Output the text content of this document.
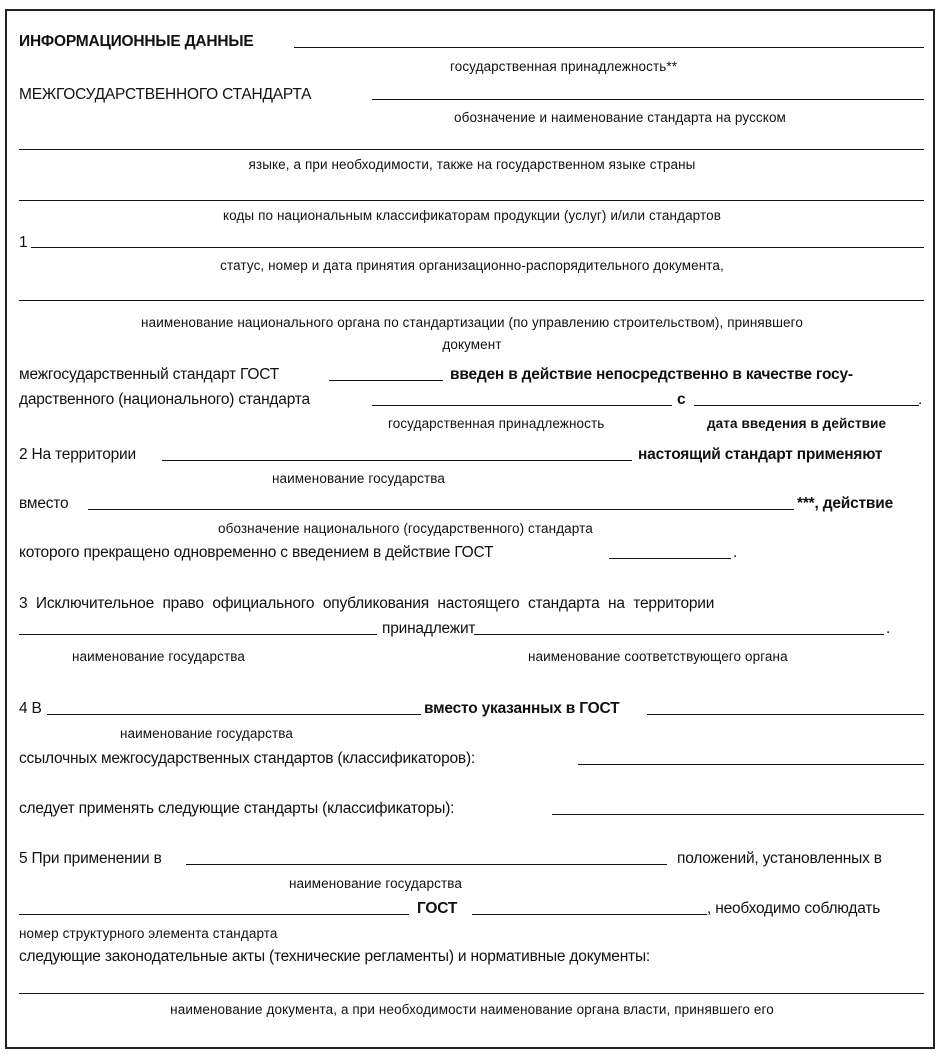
ИНФОРМАЦИОННЫЕ ДАННЫЕ
государственная принадлежность**
МЕЖГОСУДАРСТВЕННОГО СТАНДАРТА
обозначение и наименование стандарта на русском
языке, а при необходимости, также на государственном языке страны
коды по национальным классификаторам продукции (услуг) и/или стандартов
1
статус, номер и дата принятия организационно-распорядительного документа,
наименование национального органа по стандартизации (по управлению строительством), принявшего
документ
межгосударственный стандарт ГОСТ	введен в действие непосредственно в качестве госу-
дарственного (национального) стандарта	с	.
государственная принадлежность	дата введения в действие
2 На территории	настоящий стандарт применяют
наименование государства
вместо	***, действие
обозначение национального (государственного) стандарта
которого прекращено одновременно с введением в действие ГОСТ	.
3 Исключительное право официального опубликования настоящего стандарта на территории
принадлежит	.
наименование государства	наименование соответствующего органа
4 В	вместо указанных в ГОСТ
наименование государства
ссылочных межгосударственных стандартов (классификаторов):
следует применять следующие стандарты (классификаторы):
5 При применении в	положений, установленных в
наименование государства
ГОСТ	, необходимо соблюдать
номер структурного элемента стандарта
следующие законодательные акты (технические регламенты) и нормативные документы:
наименование документа, а при необходимости наименование органа власти, принявшего его
